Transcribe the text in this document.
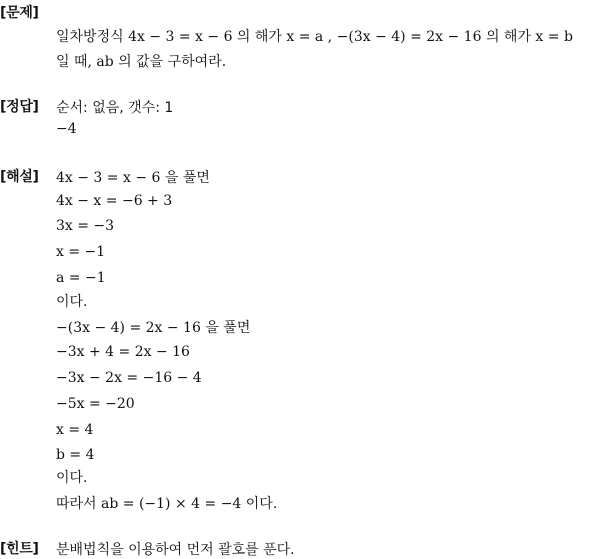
[문제]
일차방정식 4x − 3 = x − 6 의 해가 x = a , −(3x − 4) = 2x − 16 의 해가 x = b
일 때, ab 의 값을 구하여라.
[정답] 순서: 없음, 갯수: 1
−4
[해설] 4x − 3 = x − 6 을 풀면
4x − x = −6 + 3
3x = −3
x = −1
a = −1
이다.
−(3x − 4) = 2x − 16 을 풀면
−3x + 4 = 2x − 16
−3x − 2x = −16 − 4
−5x = −20
x = 4
b = 4
이다.
따라서 ab = (−1) × 4 = −4 이다.
[힌트] 분배법칙을 이용하여 먼저 괄호를 푼다.
